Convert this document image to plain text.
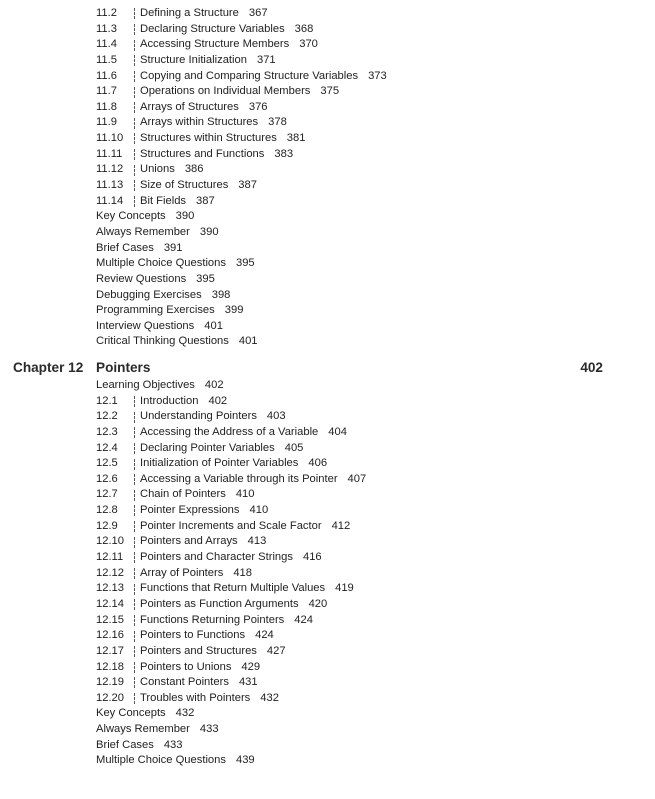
11.2	Defining a Structure 367
11.3	Declaring Structure Variables 368
11.4	Accessing Structure Members 370
11.5	Structure Initialization 371
11.6	Copying and Comparing Structure Variables 373
11.7	Operations on Individual Members 375
11.8	Arrays of Structures 376
11.9	Arrays within Structures 378
11.10	Structures within Structures 381
11.11	Structures and Functions 383
11.12	Unions 386
11.13	Size of Structures 387
11.14	Bit Fields 387
Key Concepts 390
Always Remember 390
Brief Cases 391
Multiple Choice Questions 395
Review Questions 395
Debugging Exercises 398
Programming Exercises 399
Interview Questions 401
Critical Thinking Questions 401
Chapter 12 Pointers	402
Learning Objectives 402
12.1	Introduction 402
12.2	Understanding Pointers 403
12.3	Accessing the Address of a Variable 404
12.4	Declaring Pointer Variables 405
12.5	Initialization of Pointer Variables 406
12.6	Accessing a Variable through its Pointer 407
12.7	Chain of Pointers 410
12.8	Pointer Expressions 410
12.9	Pointer Increments and Scale Factor 412
12.10	Pointers and Arrays 413
12.11	Pointers and Character Strings 416
12.12	Array of Pointers 418
12.13	Functions that Return Multiple Values 419
12.14	Pointers as Function Arguments 420
12.15	Functions Returning Pointers 424
12.16	Pointers to Functions 424
12.17	Pointers and Structures 427
12.18	Pointers to Unions 429
12.19	Constant Pointers 431
12.20	Troubles with Pointers 432
Key Concepts 432
Always Remember 433
Brief Cases 433
Multiple Choice Questions 439
